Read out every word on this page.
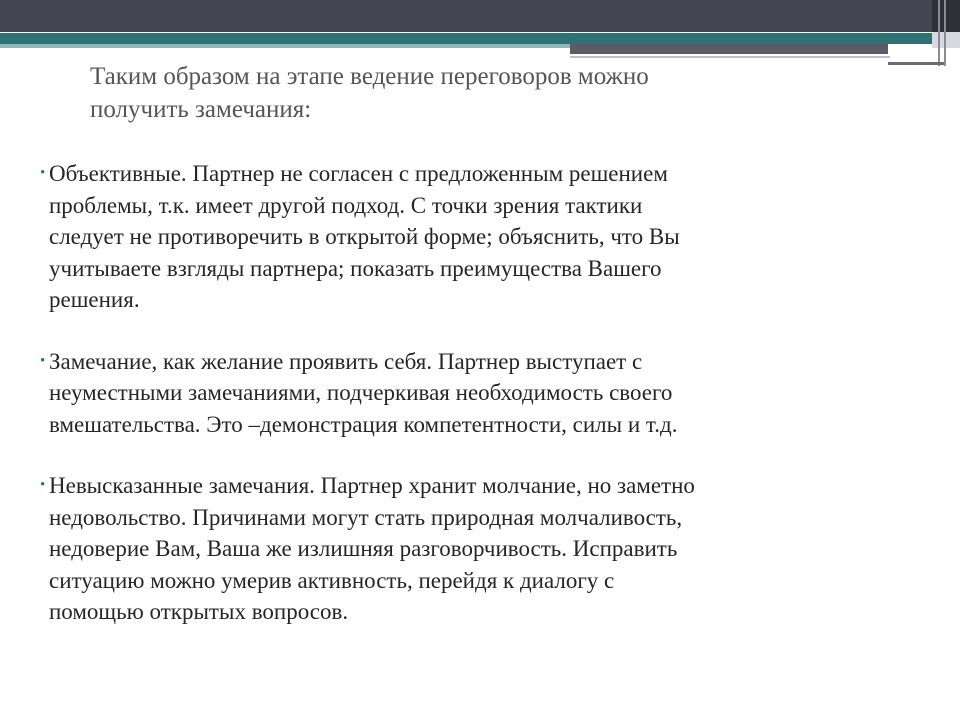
Таким образом на этапе ведение переговоров можно
получить замечания:
• Объективные. Партнер не согласен с предложенным решением
проблемы, т.к. имеет другой подход. С точки зрения тактики
следует не противоречить в открытой форме; объяснить, что Вы
учитываете взгляды партнера; показать преимущества Вашего
решения.
• Замечание, как желание проявить себя. Партнер выступает с
неуместными замечаниями, подчеркивая необходимость своего
вмешательства. Это –демонстрация компетентности, силы и т.д.
• Невысказанные замечания. Партнер хранит молчание, но заметно
недовольство. Причинами могут стать природная молчаливость,
недоверие Вам, Ваша же излишняя разговорчивость. Исправить
ситуацию можно умерив активность, перейдя к диалогу с
помощью открытых вопросов.
